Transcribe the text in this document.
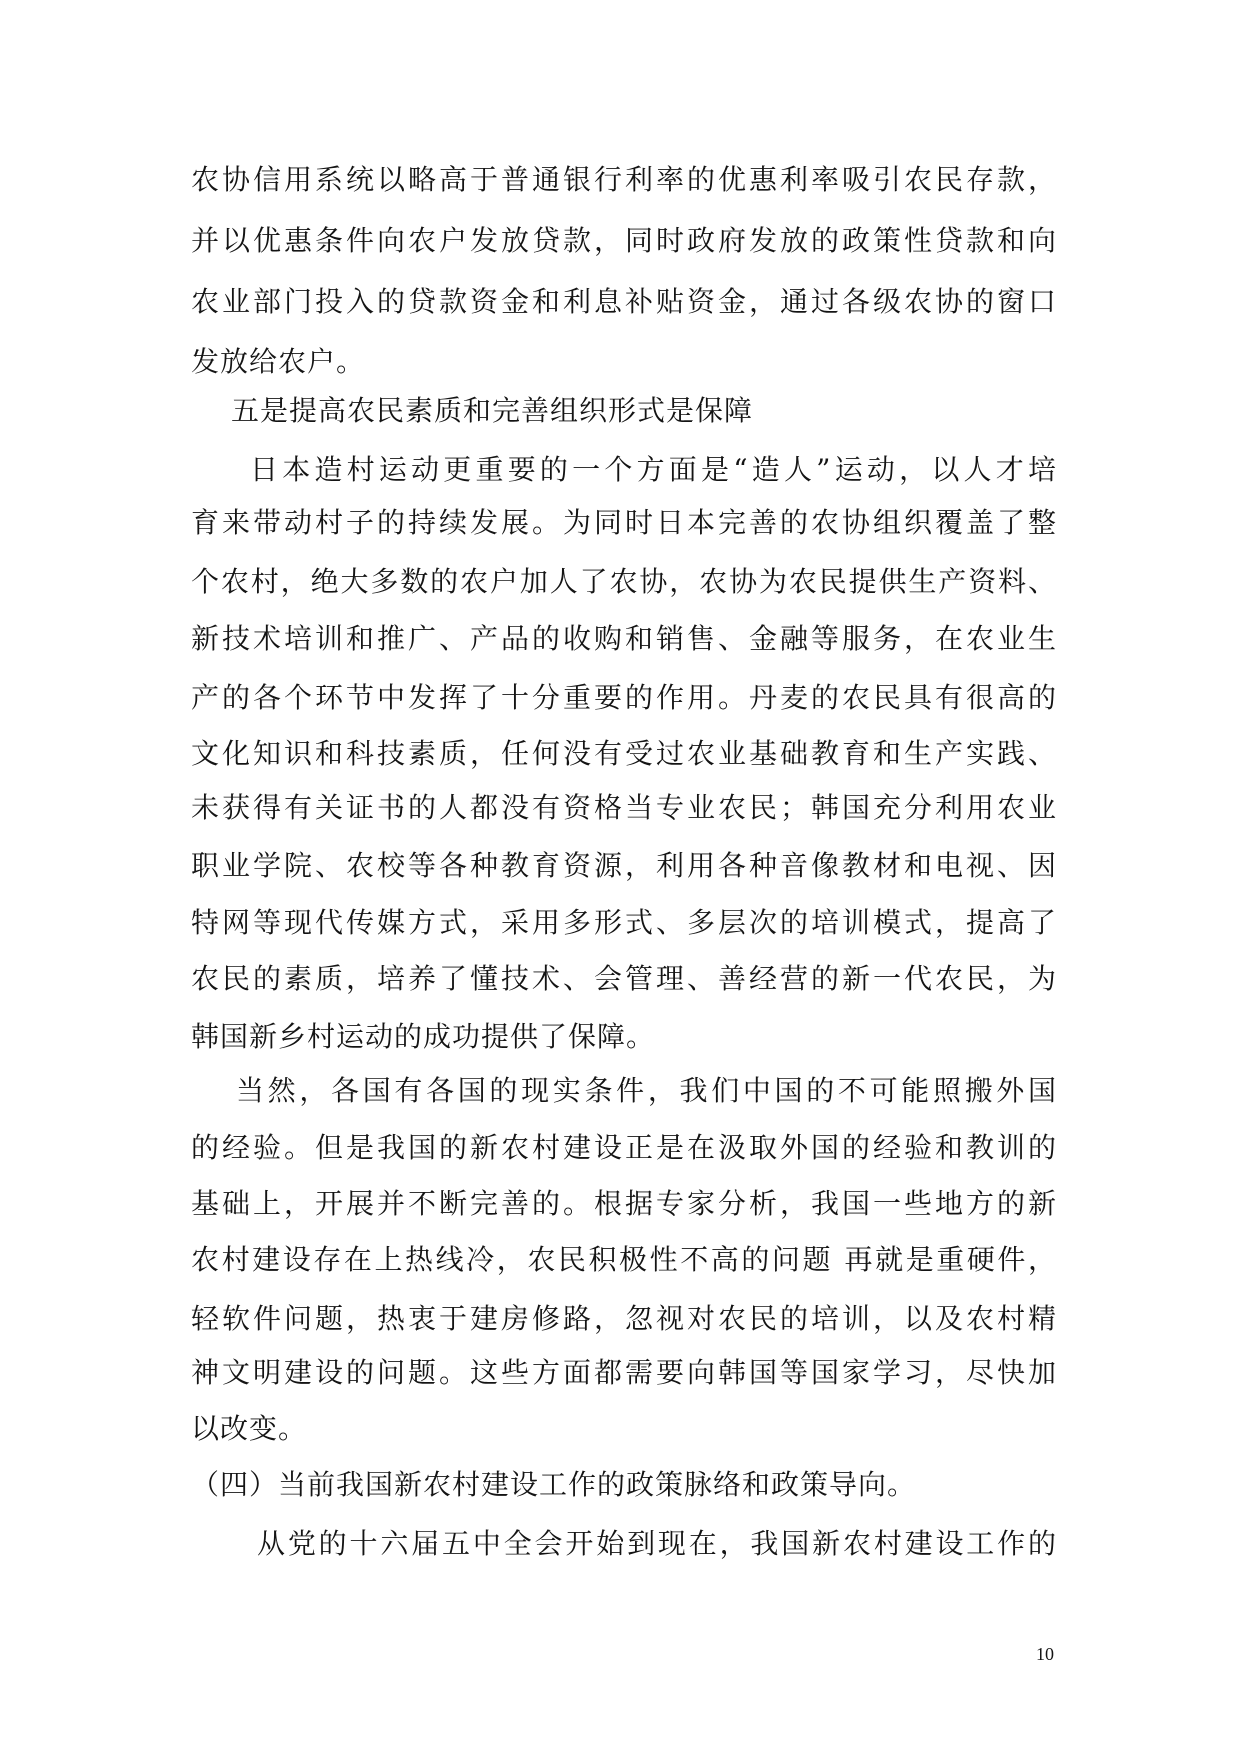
农协信用系统以略高于普通银行利率的优惠利率吸引农民存款，
并以优惠条件向农户发放贷款，同时政府发放的政策性贷款和向
农业部门投入的贷款资金和利息补贴资金，通过各级农协的窗口
发放给农户。
五是提高农民素质和完善组织形式是保障
日本造村运动更重要的一个方面是“造人”运动，以人才培
育来带动村子的持续发展。为同时日本完善的农协组织覆盖了整
个农村，绝大多数的农户加人了农协，农协为农民提供生产资料、
新技术培训和推广、产品的收购和销售、金融等服务，在农业生
产的各个环节中发挥了十分重要的作用。丹麦的农民具有很高的
文化知识和科技素质，任何没有受过农业基础教育和生产实践、
未获得有关证书的人都没有资格当专业农民；韩国充分利用农业
职业学院、农校等各种教育资源，利用各种音像教材和电视、因
特网等现代传媒方式，采用多形式、多层次的培训模式，提高了
农民的素质，培养了懂技术、会管理、善经营的新一代农民，为
韩国新乡村运动的成功提供了保障。
当然，各国有各国的现实条件，我们中国的不可能照搬外国
的经验。但是我国的新农村建设正是在汲取外国的经验和教训的
基础上，开展并不断完善的。根据专家分析，我国一些地方的新
农村建设存在上热线冷，农民积极性不高的问题 再就是重硬件，
轻软件问题，热衷于建房修路，忽视对农民的培训，以及农村精
神文明建设的问题。这些方面都需要向韩国等国家学习，尽快加
以改变。
（四）当前我国新农村建设工作的政策脉络和政策导向。
从党的十六届五中全会开始到现在，我国新农村建设工作的
10
